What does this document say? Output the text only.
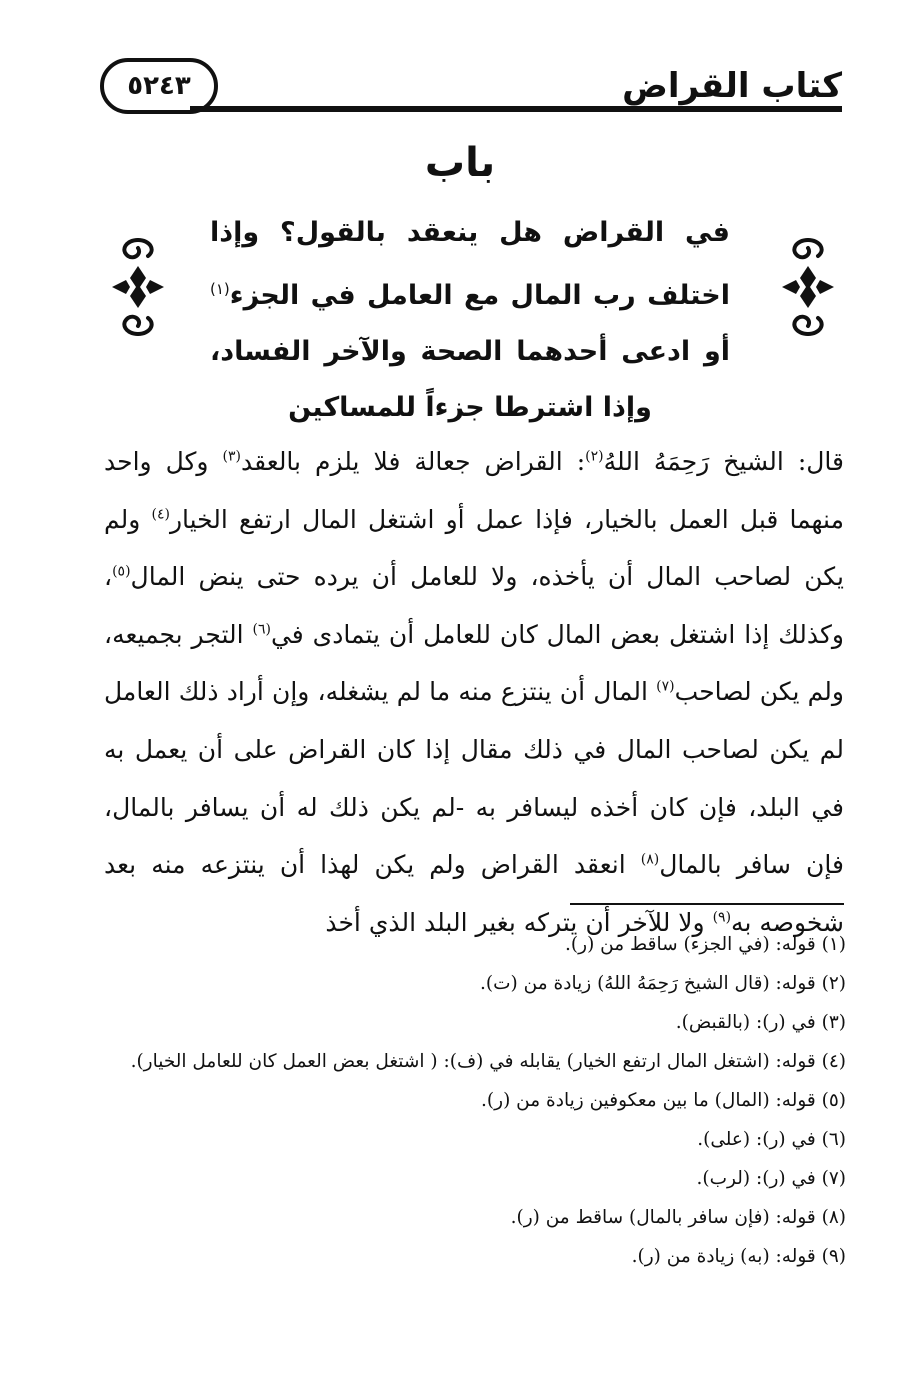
كتاب القراض
٥٢٤٣
باب
في القراض هل ينعقد بالقول؟ وإذا اختلف رب المال مع العامل في الجزء$^{(١)}$ أو ادعى أحدهما الصحة والآخر الفساد، وإذا اشترطا جزءاً للمساكين
قال: الشيخ رَحِمَهُ اللهُ$^{(٢)}$: القراض جعالة فلا يلزم بالعقد$^{(٣)}$ وكل واحد منهما قبل العمل بالخيار، فإذا عمل أو اشتغل المال ارتفع الخيار$^{(٤)}$ ولم يكن لصاحب المال أن يأخذه، ولا للعامل أن يرده حتى ينض المال$^{(٥)}$، وكذلك إذا اشتغل بعض المال كان للعامل أن يتمادى في$^{(٦)}$ التجر بجميعه، ولم يكن لصاحب$^{(٧)}$ المال أن ينتزع منه ما لم يشغله، وإن أراد ذلك العامل لم يكن لصاحب المال في ذلك مقال إذا كان القراض على أن يعمل به في البلد، فإن كان أخذه ليسافر به -لم يكن ذلك له أن يسافر بالمال، فإن سافر بالمال$^{(٨)}$ انعقد القراض ولم يكن لهذا أن ينتزعه منه بعد شخوصه به$^{(٩)}$ ولا للآخر أن يتركه بغير البلد الذي أخذ
(١) قوله: (في الجزء) ساقط من (ر).
(٢) قوله: (قال الشيخ رَحِمَهُ اللهُ) زيادة من (ت).
(٣) في (ر): (بالقبض).
(٤) قوله: (اشتغل المال ارتفع الخيار) يقابله في (ف): ( اشتغل بعض العمل كان للعامل الخيار).
(٥) قوله: (المال) ما بين معكوفين زيادة من (ر).
(٦) في (ر): (على).
(٧) في (ر): (لرب).
(٨) قوله: (فإن سافر بالمال) ساقط من (ر).
(٩) قوله: (به) زيادة من (ر).
